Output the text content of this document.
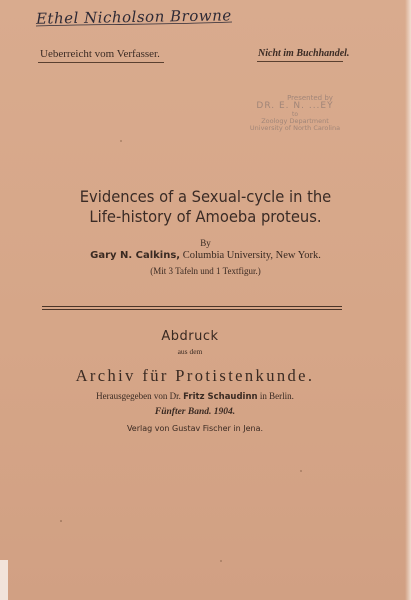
Ethel Nicholson Browne
Ueberreicht vom Verfasser.	Nicht im Buchhandel.
Presented by
DR. E. N. ...EY
to
Zoology Department
University of North Carolina
Evidences of a Sexual-cycle in the
Life-history of Amoeba proteus.
By
Gary N. Calkins, Columbia University, New York.
(Mit 3 Tafeln und 1 Textfigur.)
Abdruck
aus dem
Archiv für Protistenkunde.
Herausgegeben von Dr. Fritz Schaudinn in Berlin.
Fünfter Band. 1904.
Verlag von Gustav Fischer in Jena.
